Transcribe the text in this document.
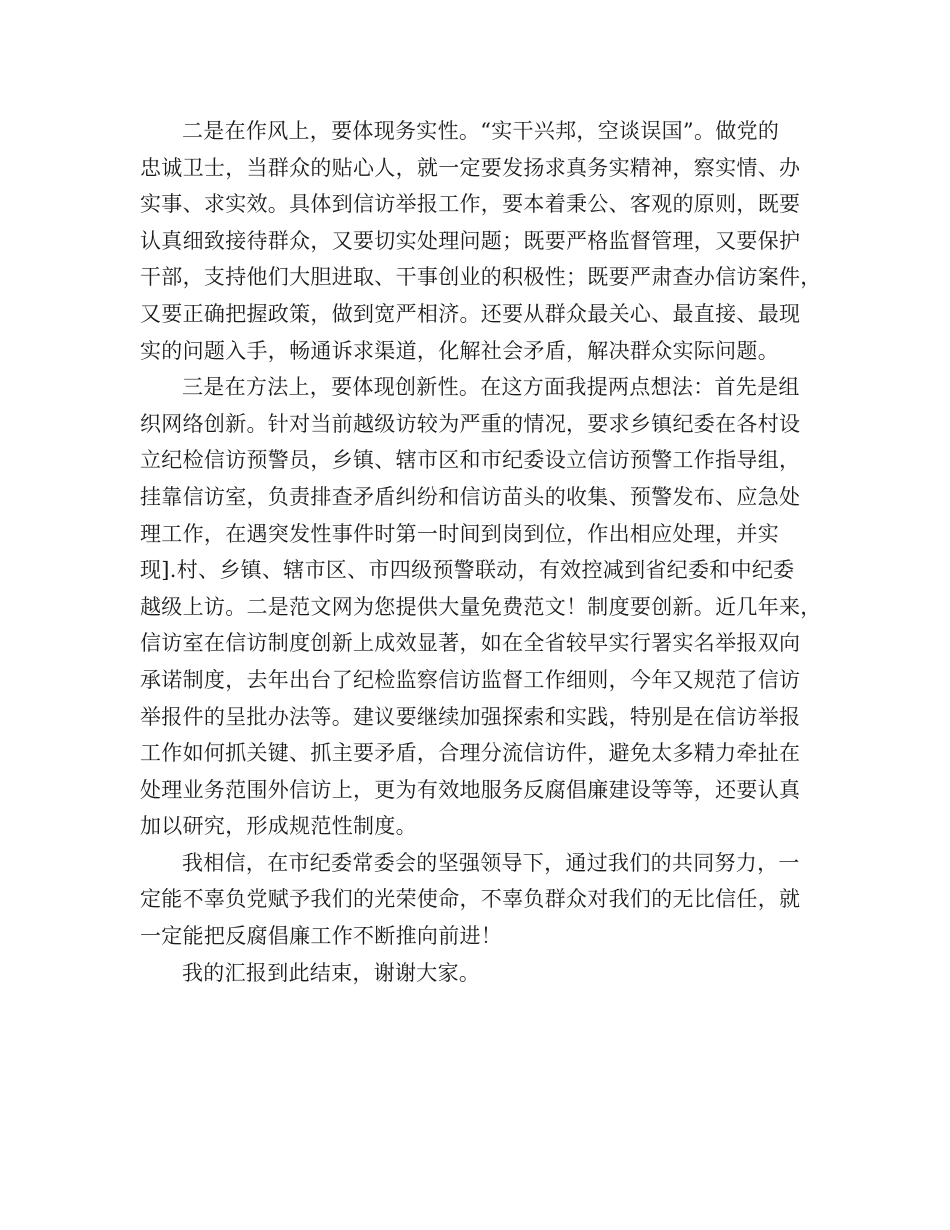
二是在作风上，要体现务实性。“实干兴邦，空谈误国”。做党的
忠诚卫士，当群众的贴心人，就一定要发扬求真务实精神，察实情、办
实事、求实效。具体到信访举报工作，要本着秉公、客观的原则，既要
认真细致接待群众，又要切实处理问题；既要严格监督管理，又要保护
干部，支持他们大胆进取、干事创业的积极性；既要严肃查办信访案件，
又要正确把握政策，做到宽严相济。还要从群众最关心、最直接、最现
实的问题入手，畅通诉求渠道，化解社会矛盾，解决群众实际问题。
三是在方法上，要体现创新性。在这方面我提两点想法：首先是组
织网络创新。针对当前越级访较为严重的情况，要求乡镇纪委在各村设
立纪检信访预警员，乡镇、辖市区和市纪委设立信访预警工作指导组，
挂靠信访室，负责排查矛盾纠纷和信访苗头的收集、预警发布、应急处
理工作，在遇突发性事件时第一时间到岗到位，作出相应处理，并实
现].村、乡镇、辖市区、市四级预警联动，有效控减到省纪委和中纪委
越级上访。二是范文网为您提供大量免费范文！制度要创新。近几年来，
信访室在信访制度创新上成效显著，如在全省较早实行署实名举报双向
承诺制度，去年出台了纪检监察信访监督工作细则，今年又规范了信访
举报件的呈批办法等。建议要继续加强探索和实践，特别是在信访举报
工作如何抓关键、抓主要矛盾，合理分流信访件，避免太多精力牵扯在
处理业务范围外信访上，更为有效地服务反腐倡廉建设等等，还要认真
加以研究，形成规范性制度。
我相信，在市纪委常委会的坚强领导下，通过我们的共同努力，一
定能不辜负党赋予我们的光荣使命，不辜负群众对我们的无比信任，就
一定能把反腐倡廉工作不断推向前进！
我的汇报到此结束，谢谢大家。
